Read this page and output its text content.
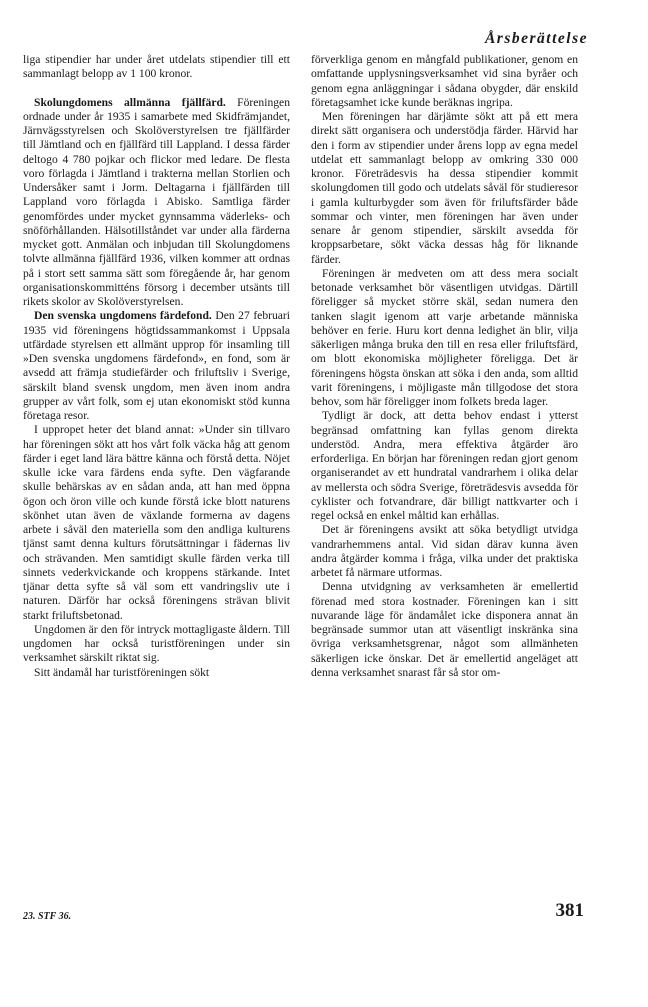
Årsberättelse

liga stipendier har under året utdelats stipendier till ett sammanlagt belopp av 1 100 kronor.

Skolungdomens allmänna fjällfärd. Föreningen ordnade under år 1935 i samarbete med Skidfrämjandet, Järnvägsstyrelsen och Skolöverstyrelsen tre fjällfärder till Jämtland och en fjällfärd till Lappland. I dessa färder deltogo 4 780 pojkar och flickor med ledare. De flesta voro förlagda i Jämtland i trakterna mellan Storlien och Undersåker samt i Jorm. Deltagarna i fjällfärden till Lappland voro förlagda i Abisko. Samtliga färder genomfördes under mycket gynnsamma väderleks- och snöförhållanden. Hälsotillståndet var under alla färderna mycket gott. Anmälan och inbjudan till Skolungdomens tolvte allmänna fjällfärd 1936, vilken kommer att ordnas på i stort sett samma sätt som föregående år, har genom organisationskommitténs försorg i december utsänts till rikets skolor av Skolöverstyrelsen.

Den svenska ungdomens färdefond. Den 27 februari 1935 vid föreningens högtidssammankomst i Uppsala utfärdade styrelsen ett allmänt upprop för insamling till »Den svenska ungdomens färdefond», en fond, som är avsedd att främja studiefärder och friluftsliv i Sverige, särskilt bland svensk ungdom, men även inom andra grupper av vårt folk, som ej utan ekonomiskt stöd kunna företaga resor.

I uppropet heter det bland annat: »Under sin tillvaro har föreningen sökt att hos vårt folk väcka håg att genom färder i eget land lära bättre känna och förstå detta. Nöjet skulle icke vara färdens enda syfte. Den vägfarande skulle behärskas av en sådan anda, att han med öppna ögon och öron ville och kunde förstå icke blott naturens skönhet utan även de växlande formerna av dagens arbete i såväl den materiella som den andliga kulturens tjänst samt denna kulturs förutsättningar i fädernas liv och strävanden. Men samtidigt skulle färden verka till sinnets vederkvickande och kroppens stärkande. Intet tjänar detta syfte så väl som ett vandringsliv ute i naturen. Därför har också föreningens strävan blivit starkt friluftsbetonad.

Ungdomen är den för intryck mottagligaste åldern. Till ungdomen har också turistföreningen under sin verksamhet särskilt riktat sig.

Sitt ändamål har turistföreningen sökt

förverkliga genom en mångfald publikationer, genom en omfattande upplysningsverksamhet vid sina byråer och genom egna anläggningar i sådana obygder, där enskild företagsamhet icke kunde beräknas ingripa.

Men föreningen har därjämte sökt att på ett mera direkt sätt organisera och understödja färder. Härvid har den i form av stipendier under årens lopp av egna medel utdelat ett sammanlagt belopp av omkring 330 000 kronor. Företrädesvis ha dessa stipendier kommit skolungdomen till godo och utdelats såväl för studieresor i gamla kulturbygder som även för friluftsfärder både sommar och vinter, men föreningen har även under senare år genom stipendier, särskilt avsedda för kroppsarbetare, sökt väcka dessas håg för liknande färder.

Föreningen är medveten om att dess mera socialt betonade verksamhet bör väsentligen utvidgas. Därtill föreligger så mycket större skäl, sedan numera den tanken slagit igenom att varje arbetande människa behöver en ferie. Huru kort denna ledighet än blir, vilja säkerligen många bruka den till en resa eller friluftsfärd, om blott ekonomiska möjligheter föreligga. Det är föreningens högsta önskan att söka i den anda, som alltid varit föreningens, i möjligaste mån tillgodose det stora behov, som här föreligger inom folkets breda lager.

Tydligt är dock, att detta behov endast i ytterst begränsad omfattning kan fyllas genom direkta understöd. Andra, mera effektiva åtgärder äro erforderliga. En början har föreningen redan gjort genom organiserandet av ett hundratal vandrarhem i olika delar av mellersta och södra Sverige, företrädesvis avsedda för cyklister och fotvandrare, där billigt nattkvarter och i regel också en enkel måltid kan erhållas.

Det är föreningens avsikt att söka betydligt utvidga vandrarhemmens antal. Vid sidan därav kunna även andra åtgärder komma i fråga, vilka under det praktiska arbetet få närmare utformas.

Denna utvidgning av verksamheten är emellertid förenad med stora kostnader. Föreningen kan i sitt nuvarande läge för ändamålet icke disponera annat än begränsade summor utan att väsentligt inskränka sina övriga verksamhetsgrenar, något som allmänheten säkerligen icke önskar. Det är emellertid angeläget att denna verksamhet snarast får så stor om-

23. STF 36.	381
